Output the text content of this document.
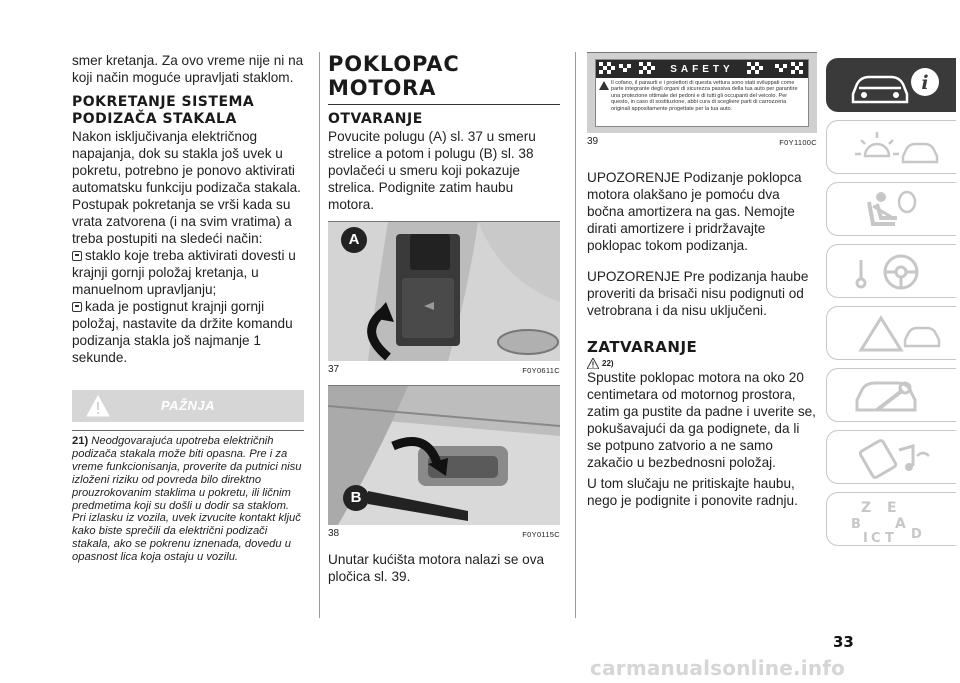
smer kretanja. Za ovo vreme nije ni na koji način moguće upravljati staklom.

POKRETANJE SISTEMA PODIZAČA STAKALA

Nakon isključivanja električnog napajanja, dok su stakla još uvek u pokretu, potrebno je ponovo aktivirati automatsku funkciju podizača stakala. Postupak pokretanja se vrši kada su vrata zatvorena (i na svim vratima) a treba postupiti na sledeći način:

staklo koje treba aktivirati dovesti u krajnji gornji položaj kretanja, u manuelnom upravljanju;

kada je postignut krajnji gornji položaj, nastavite da držite komandu podizanja stakla još najmanje 1 sekunde.

PAŽNJA
21) Neodgovarajuća upotreba električnih podizača stakala može biti opasna. Pre i za vreme funkcionisanja, proverite da putnici nisu izloženi riziku od povreda bilo direktno prouzrokovanim staklima u pokretu, ili ličnim predmetima koji su došli u dodir sa staklom. Pri izlasku iz vozila, uvek izvucite kontakt ključ kako biste sprečili da električni podizači stakala, ako se pokrenu iznenada, dovedu u opasnost lica koja ostaju u vozilu.
POKLOPAC MOTORA
OTVARANJE

Povucite polugu (A) sl. 37 u smeru strelice a potom i polugu (B) sl. 38 povlačeći u smeru koji pokazuje strelica. Podignite zatim haubu motora.

A
37	F0Y0611C
B
38	F0Y0115C

Unutar kućišta motora nalazi se ova pločica sl. 39.

SAFETY
Il cofano, il paraurti e i proiettori di questa vettura sono stati sviluppati come parte integrante degli organi di sicurezza passiva della tua auto per garantire una protezione ottimale dei pedoni e di tutti gli occupanti del veicolo. Per questo, in caso di sostituzione, abbi cura di scegliere parti di carrozzeria originali appositamente progettate per la tua auto.
39	F0Y1100C

UPOZORENJE Podizanje poklopca motora olakšano je pomoću dva bočna amortizera na gas. Nemojte dirati amortizere i pridržavajte poklopac tokom podizanja.

UPOZORENJE Pre podizanja haube proveriti da brisači nisu podignuti od vetrobrana i da nisu uključeni.

ZATVARANJE
22)

Spustite poklopac motora na oko 20 centimetara od motornog prostora, zatim ga pustite da padne i uverite se, pokušavajući da ga podignete, da li se potpuno zatvorio a ne samo zakačio u bezbednosni položaj.

U tom slučaju ne pritiskajte haubu, nego je podignite i ponovite radnju.

i
Z E
B A
I C T D
33
carmanualsonline.info
